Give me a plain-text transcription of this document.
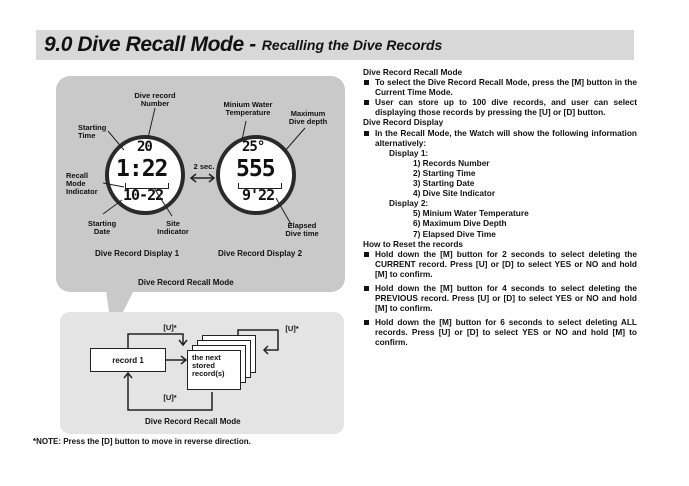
9.0 Dive Recall Mode - Recalling the Dive Records
20
1:22
10-22
25°
555
9'22
Dive record Number
Starting Time
Recall Mode Indicator
Starting Date
Site Indicator
Minium Water Temperature	Maximum Dive depth
Elapsed Dive time
2 sec.
Dive Record Display 1	Dive Record Display 2
Dive Record Recall Mode
record 1	the next stored record(s)
[U]*	[U]*
[U]*
Dive Record Recall Mode
*NOTE: Press the [D] button to move in reverse direction.
Dive Record Recall Mode
To select the Dive Record Recall Mode, press the [M] button in the Current Time Mode.
User can store up to 100 dive records, and user can select displaying those records by pressing the [U] or [D] button.
Dive Record Display
In the Recall Mode, the Watch will show the following information alternatively:
Display 1:
1) Records Number
2) Starting Time
3) Starting Date
4) Dive Site Indicator
Display 2:
5) Minium Water Temperature
6) Maximum Dive Depth
7) Elapsed Dive Time
How to Reset the records
Hold down the [M] button for 2 seconds to select deleting the CURRENT record. Press [U] or [D] to select YES or NO and hold [M] to confirm.
Hold down the [M] button for 4 seconds to select deleting the PREVIOUS record. Press [U] or [D] to select YES or NO and hold [M] to confirm.
Hold down the [M] button for 6 seconds to select deleting ALL records. Press [U] or [D] to select YES or NO and hold [M] to confirm.
